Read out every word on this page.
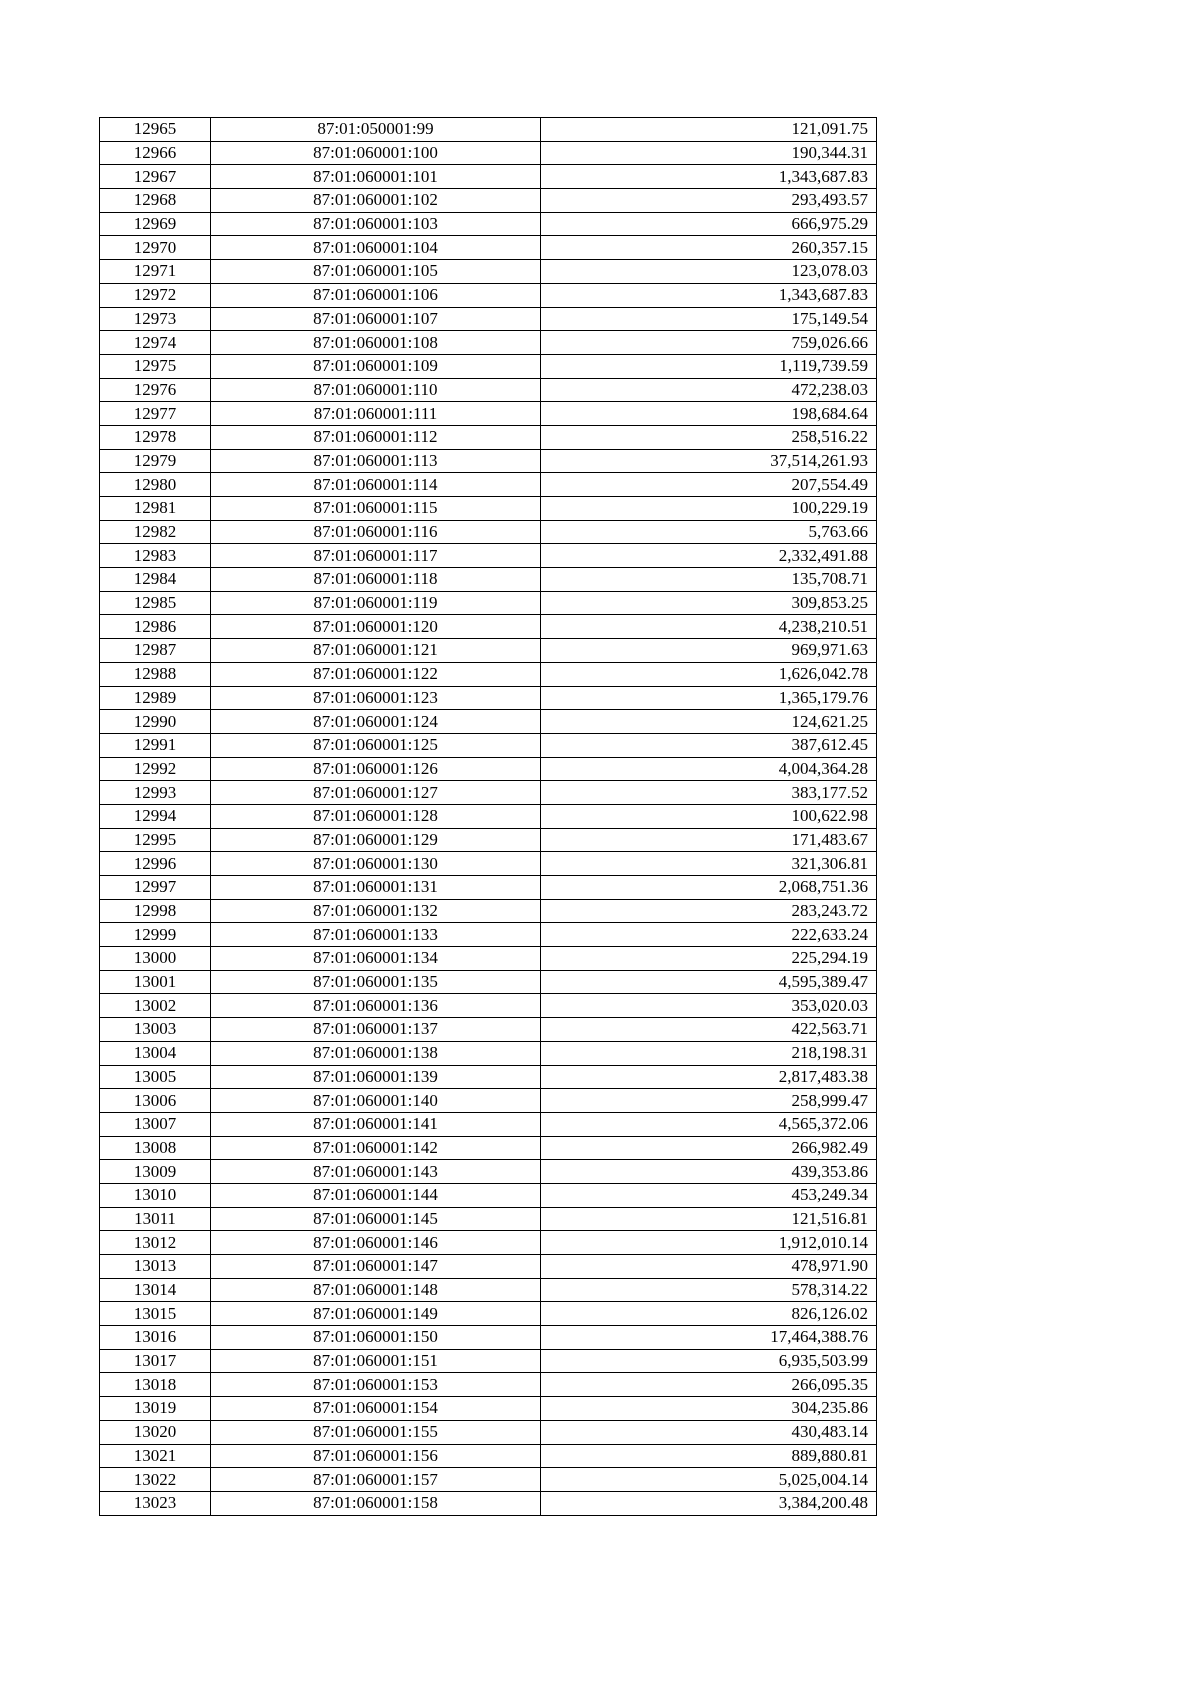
12965	87:01:050001:99	121,091.75
12966	87:01:060001:100	190,344.31
12967	87:01:060001:101	1,343,687.83
12968	87:01:060001:102	293,493.57
12969	87:01:060001:103	666,975.29
12970	87:01:060001:104	260,357.15
12971	87:01:060001:105	123,078.03
12972	87:01:060001:106	1,343,687.83
12973	87:01:060001:107	175,149.54
12974	87:01:060001:108	759,026.66
12975	87:01:060001:109	1,119,739.59
12976	87:01:060001:110	472,238.03
12977	87:01:060001:111	198,684.64
12978	87:01:060001:112	258,516.22
12979	87:01:060001:113	37,514,261.93
12980	87:01:060001:114	207,554.49
12981	87:01:060001:115	100,229.19
12982	87:01:060001:116	5,763.66
12983	87:01:060001:117	2,332,491.88
12984	87:01:060001:118	135,708.71
12985	87:01:060001:119	309,853.25
12986	87:01:060001:120	4,238,210.51
12987	87:01:060001:121	969,971.63
12988	87:01:060001:122	1,626,042.78
12989	87:01:060001:123	1,365,179.76
12990	87:01:060001:124	124,621.25
12991	87:01:060001:125	387,612.45
12992	87:01:060001:126	4,004,364.28
12993	87:01:060001:127	383,177.52
12994	87:01:060001:128	100,622.98
12995	87:01:060001:129	171,483.67
12996	87:01:060001:130	321,306.81
12997	87:01:060001:131	2,068,751.36
12998	87:01:060001:132	283,243.72
12999	87:01:060001:133	222,633.24
13000	87:01:060001:134	225,294.19
13001	87:01:060001:135	4,595,389.47
13002	87:01:060001:136	353,020.03
13003	87:01:060001:137	422,563.71
13004	87:01:060001:138	218,198.31
13005	87:01:060001:139	2,817,483.38
13006	87:01:060001:140	258,999.47
13007	87:01:060001:141	4,565,372.06
13008	87:01:060001:142	266,982.49
13009	87:01:060001:143	439,353.86
13010	87:01:060001:144	453,249.34
13011	87:01:060001:145	121,516.81
13012	87:01:060001:146	1,912,010.14
13013	87:01:060001:147	478,971.90
13014	87:01:060001:148	578,314.22
13015	87:01:060001:149	826,126.02
13016	87:01:060001:150	17,464,388.76
13017	87:01:060001:151	6,935,503.99
13018	87:01:060001:153	266,095.35
13019	87:01:060001:154	304,235.86
13020	87:01:060001:155	430,483.14
13021	87:01:060001:156	889,880.81
13022	87:01:060001:157	5,025,004.14
13023	87:01:060001:158	3,384,200.48
